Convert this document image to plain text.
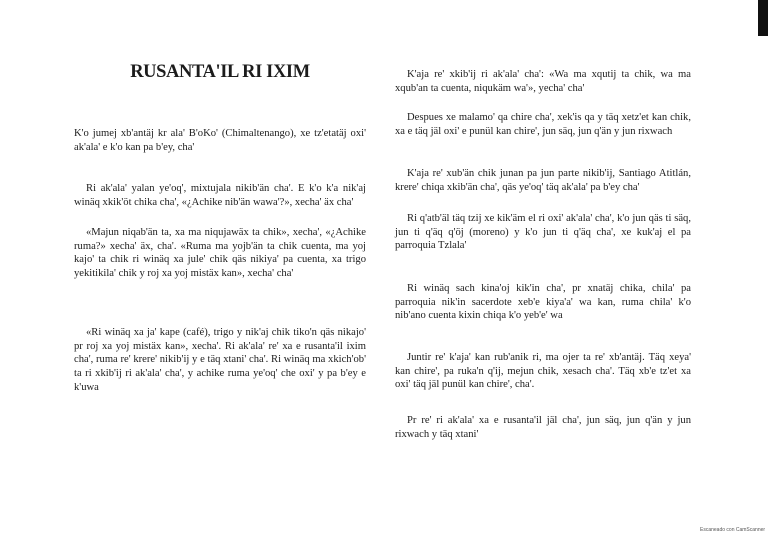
RUSANTA'IL RI IXIM

K'o jumej xb'antäj kr ala' B'oKo' (Chimaltenango), xe tz'etatäj oxi' ak'ala' e k'o kan pa b'ey, cha'

Ri ak'ala' yalan ye'oq', mixtujala nikib'än cha'. E k'o k'a nik'aj winäq xkik'öt chika cha', «¿Achike nib'än wawa'?», xecha' äx cha'

«Majun niqab'än ta, xa ma niqujawäx ta chik», xecha', «¿Achike ruma?» xecha' äx, cha'. «Ruma ma yojb'än ta chik cuenta, ma yoj kajo' ta chik ri winäq xa jule' chik qäs nikiya' pa cuenta, xa trigo yekitikila' chik y roj xa yoj mistäx kan», xecha' cha'

«Ri winäq xa ja' kape (café), trigo y nik'aj chik tiko'n qäs nikajo' pr roj xa yoj mistäx kan», xecha'. Ri ak'ala' re' xa e rusanta'il ixim cha', ruma re' krere' nikib'ij y e täq xtani' cha'. Ri winäq ma xkich'ob' ta ri xkib'ij ri ak'ala' cha', y achike ruma ye'oq' che oxi' y pa b'ey e k'uwa

K'aja re' xkib'ij ri ak'ala' cha': «Wa ma xqutij ta chik, wa ma xqub'an ta cuenta, niqukäm wa'», yecha' cha'

Despues xe malamo' qa chire cha', xek'is qa y täq xetz'et kan chik, xa e täq jäl oxi' e punül kan chire', jun säq, jun q'än y jun rixwach

K'aja re' xub'än chik junan pa jun parte nikib'ij, Santiago Atitlán, krere' chiqa xkib'än cha', qäs ye'oq' täq ak'ala' pa b'ey cha'

Ri q'atb'äl täq tzij xe kik'äm el ri oxi' ak'ala' cha', k'o jun qäs ti säq, jun ti q'äq q'öj (moreno) y k'o jun ti q'äq cha', xe kuk'aj el pa parroquia Tzlala'

Ri winäq sach kina'oj kik'in cha', pr xnatäj chika, chila' pa parroquia nik'in sacerdote xeb'e kiya'a' wa kan, ruma chila' k'o nib'ano cuenta kixin chiqa k'o yeb'e' wa

Juntir re' k'aja' kan rub'anik ri, ma ojer ta re' xb'antäj. Täq xeya' kan chire', pa ruka'n q'ij, mejun chik, xesach cha'. Täq xb'e tz'et xa oxi' täq jäl punül kan chire', cha'.

Pr re' ri ak'ala' xa e rusanta'il jäl cha', jun säq, jun q'än y jun rixwach y täq xtani'

Escaneado con CamScanner
